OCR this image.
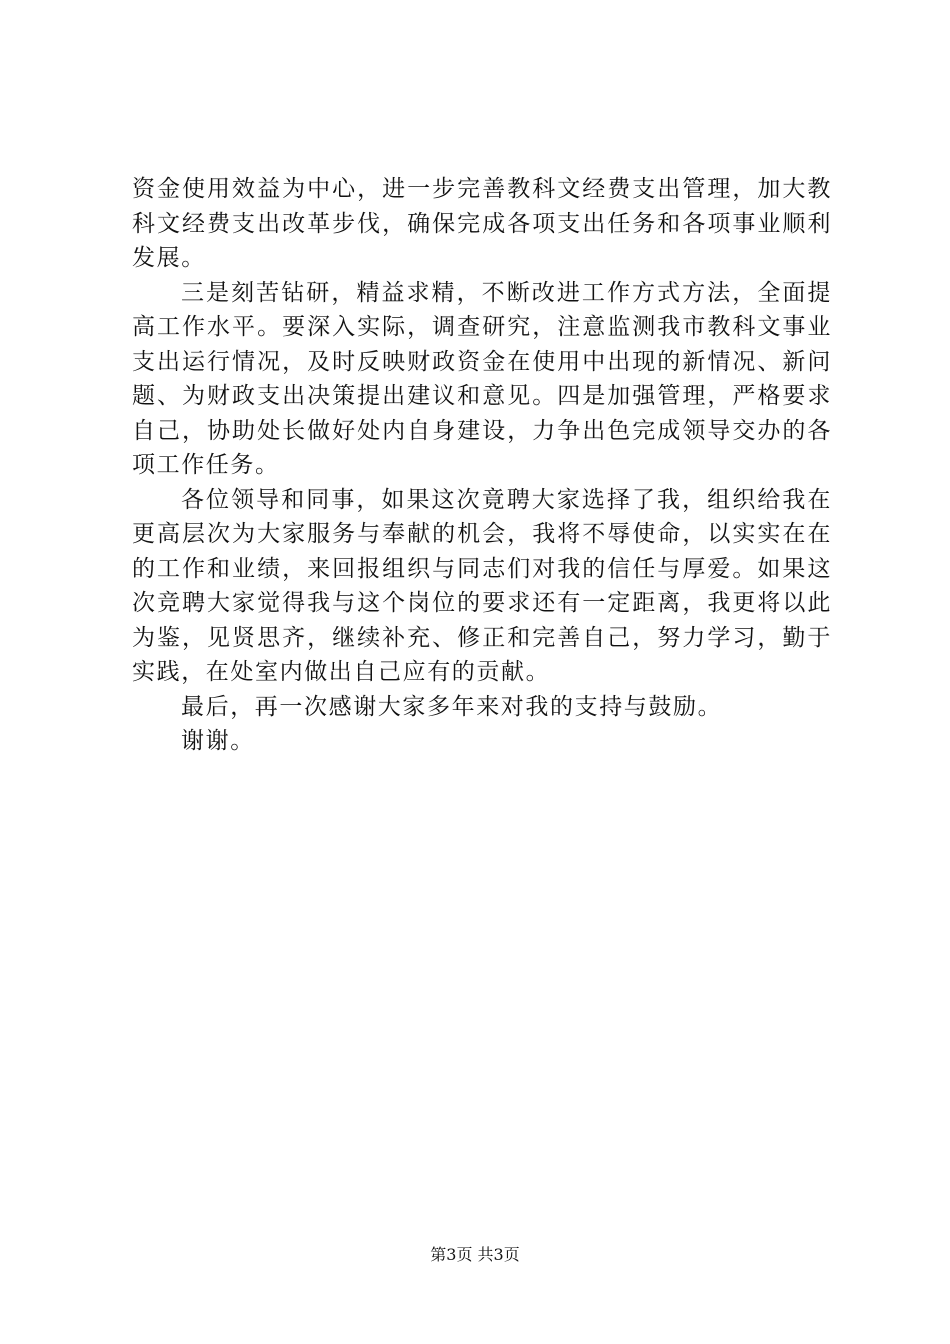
资金使用效益为中心，进一步完善教科文经费支出管理，加大教科文经费支出改革步伐，确保完成各项支出任务和各项事业顺利发展。

三是刻苦钻研，精益求精，不断改进工作方式方法，全面提高工作水平。要深入实际，调查研究，注意监测我市教科文事业支出运行情况，及时反映财政资金在使用中出现的新情况、新问题、为财政支出决策提出建议和意见。四是加强管理，严格要求自己，协助处长做好处内自身建设，力争出色完成领导交办的各项工作任务。

各位领导和同事，如果这次竟聘大家选择了我，组织给我在更高层次为大家服务与奉献的机会，我将不辱使命，以实实在在的工作和业绩，来回报组织与同志们对我的信任与厚爱。如果这次竞聘大家觉得我与这个岗位的要求还有一定距离，我更将以此为鉴，见贤思齐，继续补充、修正和完善自己，努力学习，勤于实践，在处室内做出自己应有的贡献。

最后，再一次感谢大家多年来对我的支持与鼓励。

谢谢。

第3页 共3页
